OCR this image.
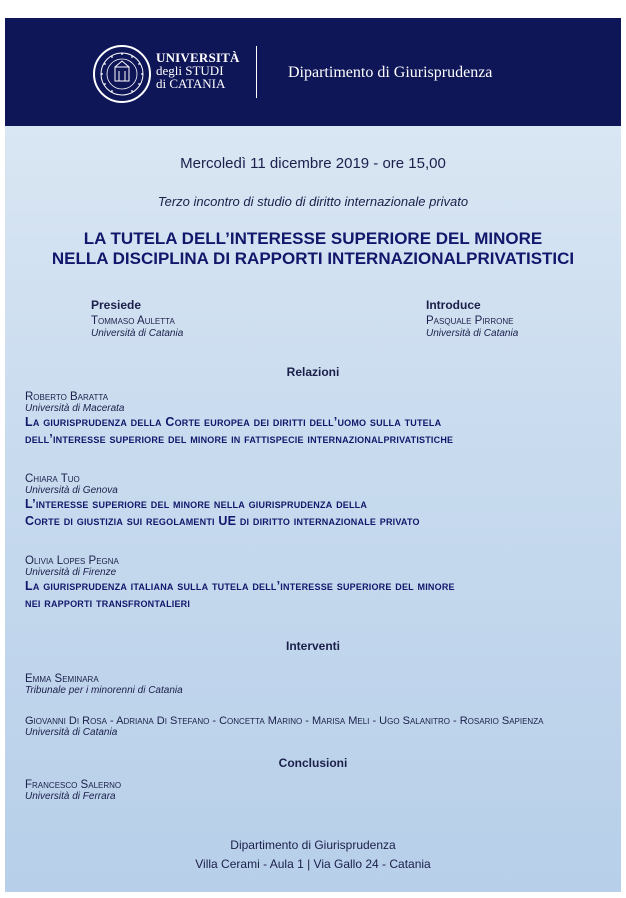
UNIVERSITÀ
degli STUDI
di CATANIA
Dipartimento di Giurisprudenza
Mercoledì 11 dicembre 2019 - ore 15,00
Terzo incontro di studio di diritto internazionale privato
LA TUTELA DELL’INTERESSE SUPERIORE DEL MINORE
NELLA DISCIPLINA DI RAPPORTI INTERNAZIONALPRIVATISTICI
Presiede
Tommaso Auletta
Università di Catania
Introduce
Pasquale Pirrone
Università di Catania
Relazioni
Roberto Baratta
Università di Macerata
La giurisprudenza della Corte europea dei diritti dell’uomo sulla tutela
dell’interesse superiore del minore in fattispecie internazionalprivatistiche
Chiara Tuo
Università di Genova
L’interesse superiore del minore nella giurisprudenza della
Corte di giustizia sui regolamenti UE di diritto internazionale privato
Olivia Lopes Pegna
Università di Firenze
La giurisprudenza italiana sulla tutela dell’interesse superiore del minore
nei rapporti transfrontalieri
Interventi
Emma Seminara
Tribunale per i minorenni di Catania
Giovanni Di Rosa - Adriana Di Stefano - Concetta Marino - Marisa Meli - Ugo Salanitro - Rosario Sapienza
Università di Catania
Conclusioni
Francesco Salerno
Università di Ferrara
Dipartimento di Giurisprudenza
Villa Cerami - Aula 1 | Via Gallo 24 - Catania
